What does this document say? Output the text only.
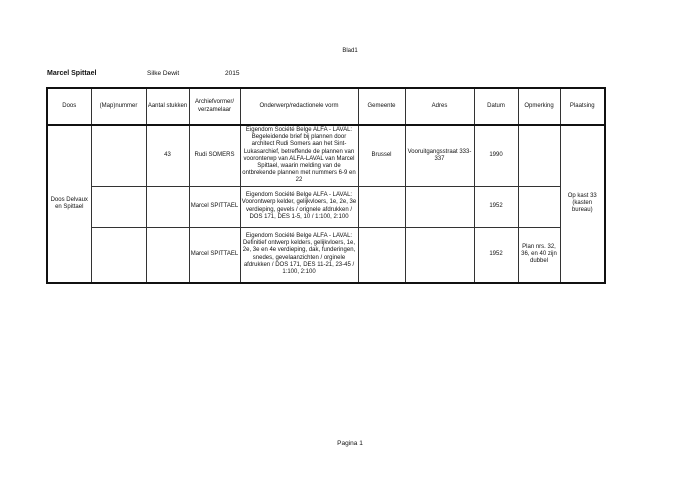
Blad1
Marcel Spittael	Silke Dewit	2015
Doos	(Map)nummer	Aantal stukken	Archiefvormer/ verzamelaar	Onderwerp/redactionele vorm	Gemeente	Adres	Datum	Opmerking	Plaatsing
Doos Delvaux en Spittael		43	Rudi SOMERS	Eigendom Société Belge ALFA - LAVAL: Begeleidende brief bij plannen door architect Rudi Somers aan het Sint-Lukasarchief, betreffende de plannen van vooronterwp van ALFA-LAVAL van Marcel Spittael, waarin melding van de ontbrekende plannen met nummers 6-9 en 22	Brussel	Vooruitgangsstraat 333-337	1990		Op kast 33 (kasten bureau)
			Marcel SPITTAEL	Eigendom Société Belge ALFA - LAVAL: Voorontwerp kelder, gelijkvloers, 1e, 2e, 3e verdieping, gevels / orignele afdrukken / DOS 171, DES 1-5, 10 / 1:100, 2:100			1952		
			Marcel SPITTAEL	Eigendom Société Belge ALFA - LAVAL: Definitief ontwerp kelders, gelijkvloers, 1e, 2e, 3e en 4e verdieping, dak, funderingen, snedes, gevelaanzichten / orginele afdrukken / DOS 171, DES 11-21, 23-45 / 1:100, 2:100			1952	Plan nrs. 32, 36, en 40 zijn dubbel	
Pagina 1
